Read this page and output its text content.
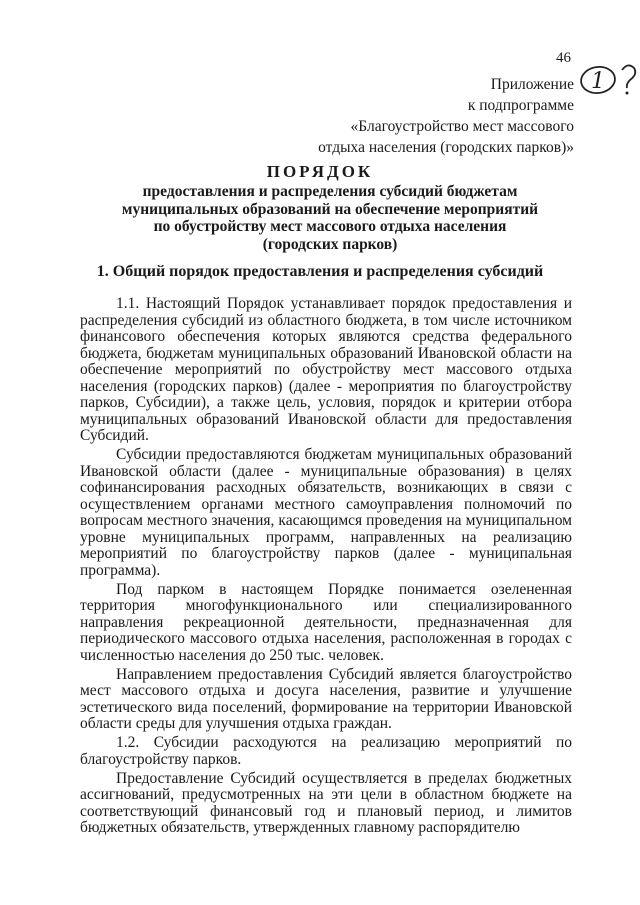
46
Приложение 1
к подпрограмме
«Благоустройство мест массового
отдыха населения (городских парков)»
ПОРЯДОК
предоставления и распределения субсидий бюджетам
муниципальных образований на обеспечение мероприятий
по обустройству мест массового отдыха населения
(городских парков)
1. Общий порядок предоставления и распределения субсидий

1.1. Настоящий Порядок устанавливает порядок предоставления и распределения субсидий из областного бюджета, в том числе источником финансового обеспечения которых являются средства федерального бюджета, бюджетам муниципальных образований Ивановской области на обеспечение мероприятий по обустройству мест массового отдыха населения (городских парков) (далее - мероприятия по благоустройству парков, Субсидии), а также цель, условия, порядок и критерии отбора муниципальных образований Ивановской области для предоставления Субсидий.

Субсидии предоставляются бюджетам муниципальных образований Ивановской области (далее - муниципальные образования) в целях софинансирования расходных обязательств, возникающих в связи с осуществлением органами местного самоуправления полномочий по вопросам местного значения, касающимся проведения на муниципальном уровне муниципальных программ, направленных на реализацию мероприятий по благоустройству парков (далее - муниципальная программа).

Под парком в настоящем Порядке понимается озелененная территория многофункционального или специализированного направления рекреационной деятельности, предназначенная для периодического массового отдыха населения, расположенная в городах с численностью населения до 250 тыс. человек.

Направлением предоставления Субсидий является благоустройство мест массового отдыха и досуга населения, развитие и улучшение эстетического вида поселений, формирование на территории Ивановской области среды для улучшения отдыха граждан.

1.2. Субсидии расходуются на реализацию мероприятий по благоустройству парков.

Предоставление Субсидий осуществляется в пределах бюджетных ассигнований, предусмотренных на эти цели в областном бюджете на соответствующий финансовый год и плановый период, и лимитов бюджетных обязательств, утвержденных главному распорядителю
